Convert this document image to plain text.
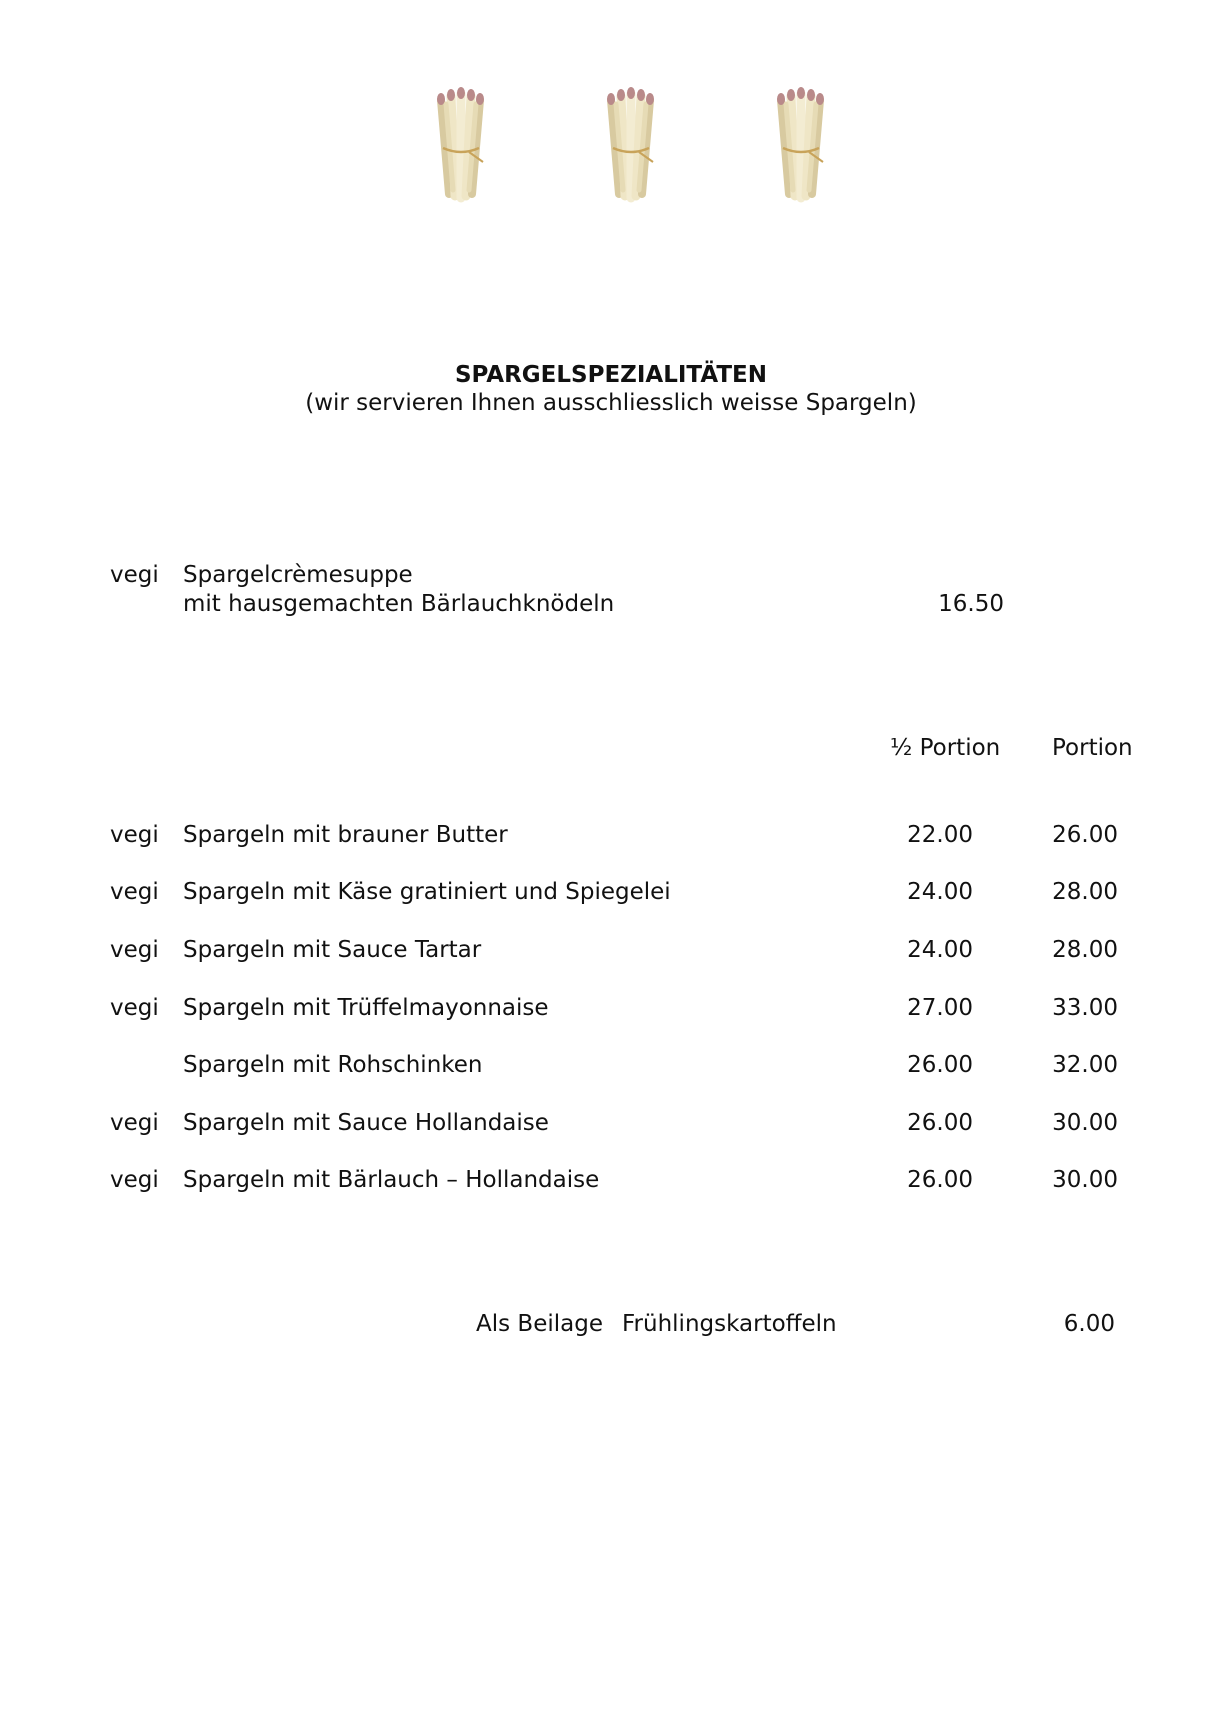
SPARGELSPEZIALITÄTEN
(wir servieren Ihnen ausschliesslich weisse Spargeln)
vegi Spargelcrèmesuppe
mit hausgemachten Bärlauchknödeln	16.50
½ Portion Portion
vegi Spargeln mit brauner Butter	22.00	26.00
vegi Spargeln mit Käse gratiniert und Spiegelei	24.00	28.00
vegi Spargeln mit Sauce Tartar	24.00	28.00
vegi Spargeln mit Trüffelmayonnaise	27.00	33.00
Spargeln mit Rohschinken	26.00	32.00
vegi Spargeln mit Sauce Hollandaise	26.00	30.00
vegi Spargeln mit Bärlauch – Hollandaise	26.00	30.00
Als Beilage Frühlingskartoffeln	6.00
